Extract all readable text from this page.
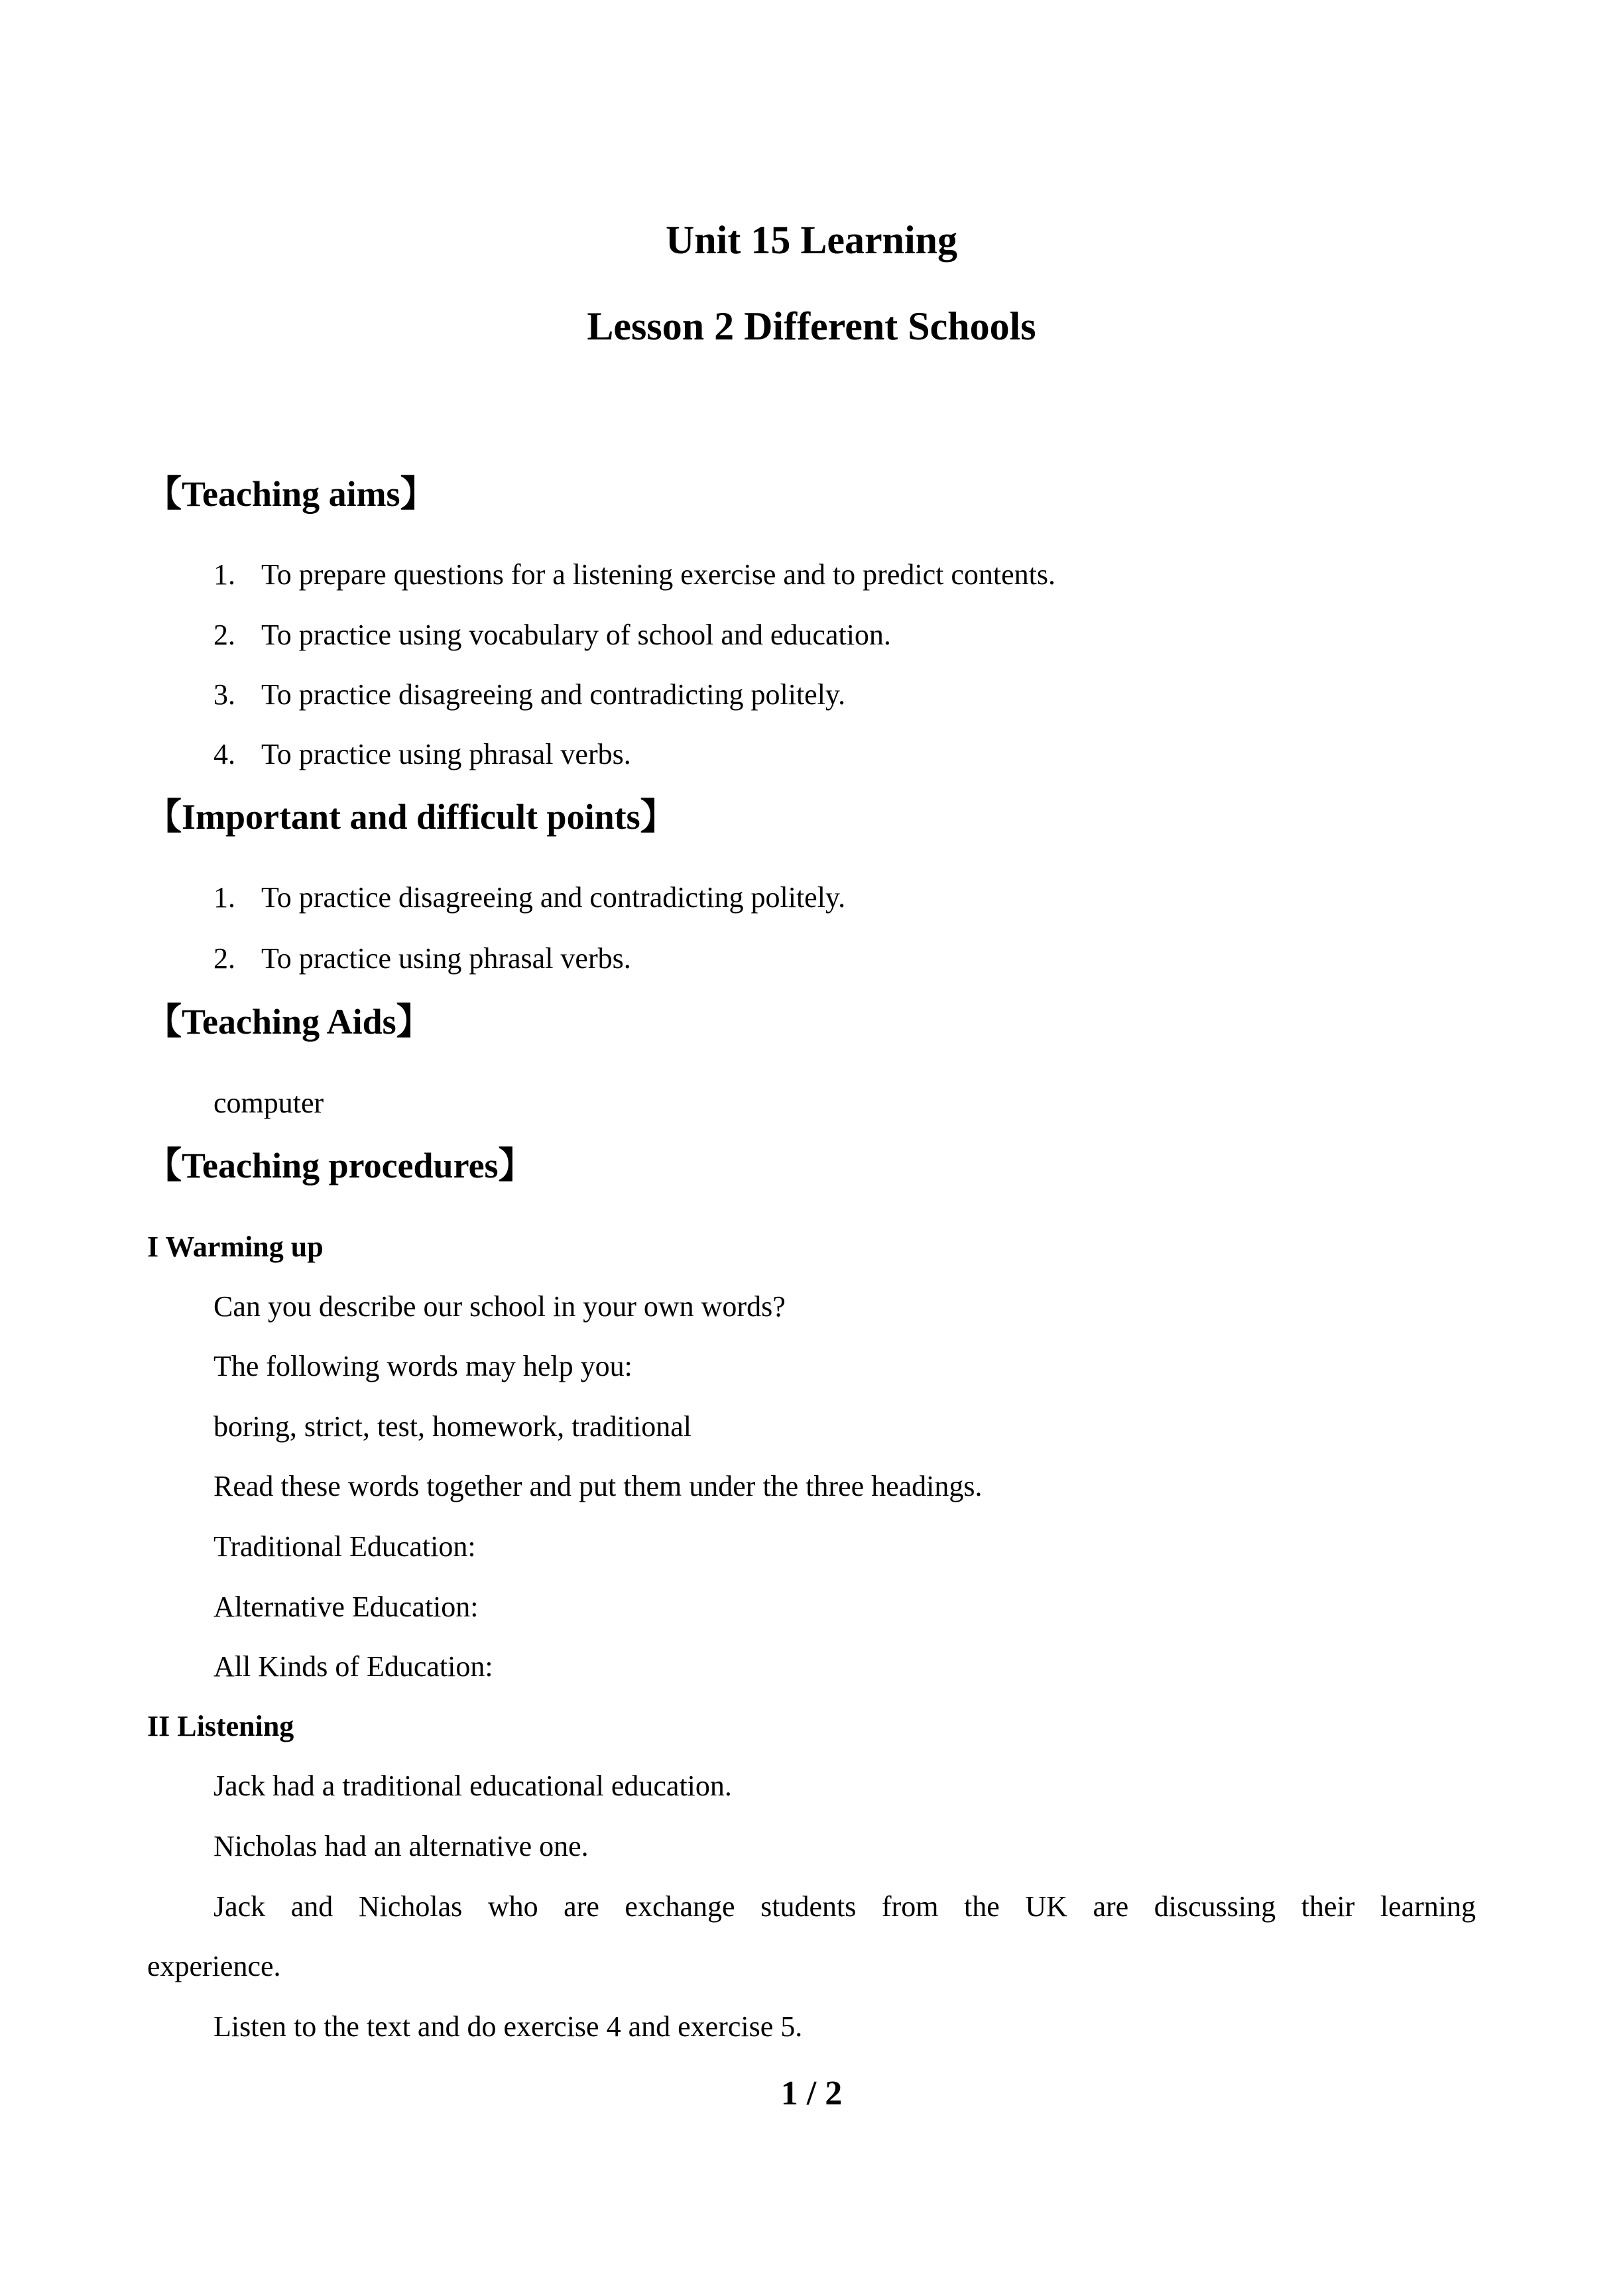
Unit 15 Learning
Lesson 2 Different Schools
【Teaching aims】
1. To prepare questions for a listening exercise and to predict contents.
2. To practice using vocabulary of school and education.
3. To practice disagreeing and contradicting politely.
4. To practice using phrasal verbs.
【Important and difficult points】
1. To practice disagreeing and contradicting politely.
2. To practice using phrasal verbs.
【Teaching Aids】
computer
【Teaching procedures】
I Warming up
Can you describe our school in your own words?
The following words may help you:
boring, strict, test, homework, traditional
Read these words together and put them under the three headings.
Traditional Education:
Alternative Education:
All Kinds of Education:
II Listening
Jack had a traditional educational education.
Nicholas had an alternative one.
Jack and Nicholas who are exchange students from the UK are discussing their learning
experience.
Listen to the text and do exercise 4 and exercise 5.
1 / 2
